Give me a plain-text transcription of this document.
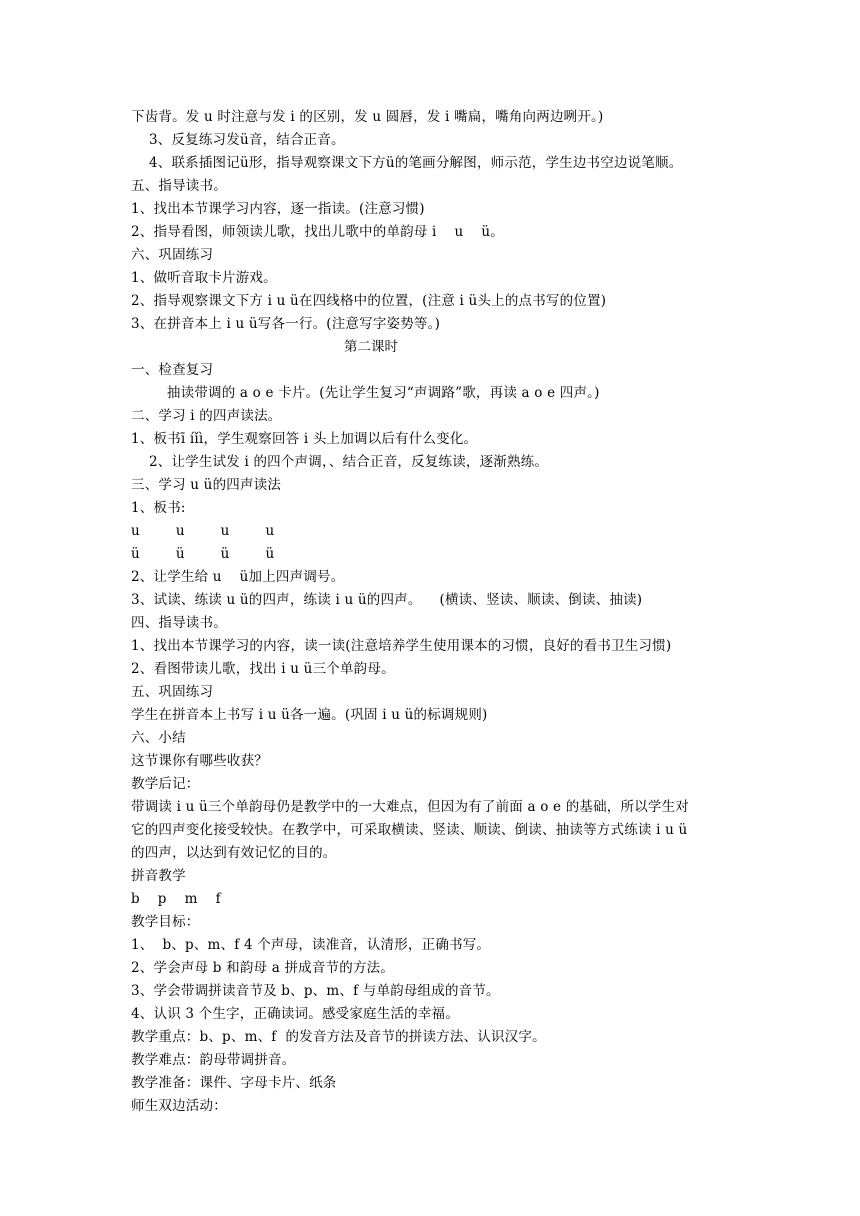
下齿背。发 u 时注意与发 i 的区别，发 u 圆唇，发 i 嘴扁，嘴角向两边咧开。)
3、反复练习发ü音，结合正音。
4、联系插图记ü形，指导观察课文下方ü的笔画分解图，师示范，学生边书空边说笔顺。
五、指导读书。
1、找出本节课学习内容，逐一指读。(注意习惯)
2、指导看图，师领读儿歌，找出儿歌中的单韵母 i    u    ü。
六、巩固练习
1、做听音取卡片游戏。
2、指导观察课文下方 i u ü在四线格中的位置，(注意 i ü头上的点书写的位置)
3、在拼音本上 i u ü写各一行。(注意写字姿势等。)
第二课时
一、检查复习
抽读带调的 a o e 卡片。(先让学生复习“声调路”歌，再读 a o e 四声。)
二、学习 i 的四声读法。
1、板书ī íǐì，学生观察回答 i 头上加调以后有什么变化。
2、让学生试发 i 的四个声调，、结合正音，反复练读，逐渐熟练。
三、学习 u ü的四声读法
1、板书:
u        u        u        u
ü        ü        ü        ü
2、让学生给 u    ü加上四声调号。
3、试读、练读 u ü的四声，练读 i u ü的四声。    (横读、竖读、顺读、倒读、抽读)
四、指导读书。
1、找出本节课学习的内容，读一读(注意培养学生使用课本的习惯，良好的看书卫生习惯)
2、看图带读儿歌，找出 i u ü三个单韵母。
五、巩固练习
学生在拼音本上书写 i u ü各一遍。(巩固 i u ü的标调规则)
六、小结
这节课你有哪些收获？
教学后记：
带调读 i u ü三个单韵母仍是教学中的一大难点，但因为有了前面 a o e 的基础，所以学生对
它的四声变化接受较快。在教学中，可采取横读、竖读、顺读、倒读、抽读等方式练读 i u ü
的四声，以达到有效记忆的目的。
拼音教学
b    p    m    f
教学目标：
1、  b、p、m、f 4 个声母，读准音，认清形，正确书写。
2、学会声母 b 和韵母 a 拼成音节的方法。
3、学会带调拼读音节及 b、p、m、f 与单韵母组成的音节。
4、认识 3 个生字，正确读词。感受家庭生活的幸福。
教学重点：b、p、m、f  的发音方法及音节的拼读方法、认识汉字。
教学难点：韵母带调拼音。
教学准备：课件、字母卡片、纸条
师生双边活动：
